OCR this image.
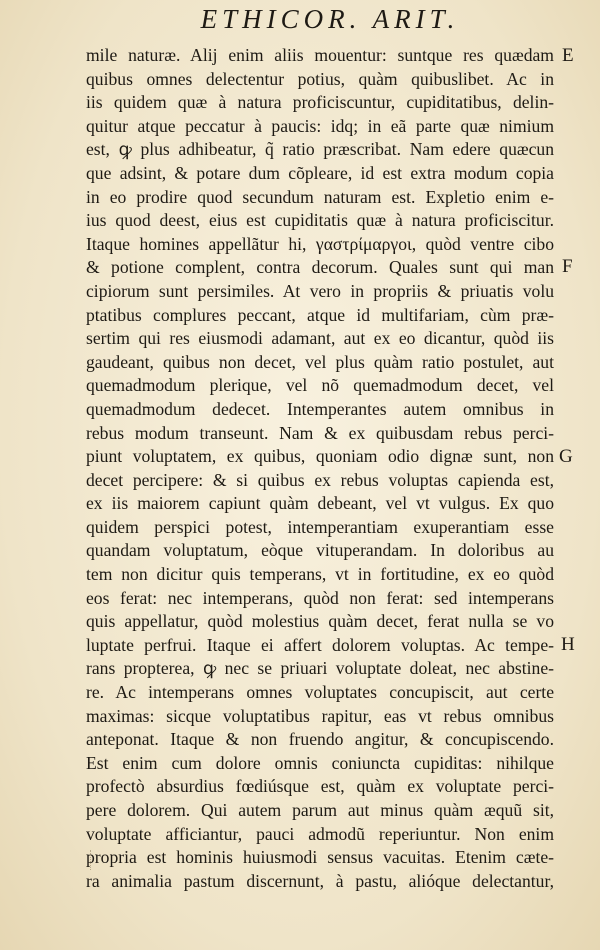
ETHICOR. ARIT.
mile naturæ. Alij enim aliis mouentur: suntque res quædam
quibus omnes delectentur potius, quàm quibuslibet. Ac in
iis quidem quæ à natura proficiscuntur, cupiditatibus, delin-
quitur atque peccatur à paucis: idq; in eã parte quæ nimium
est, ꝙ plus adhibeatur, q̃ ratio præscribat. Nam edere quæcun
que adsint, & potare dum cõpleare, id est extra modum copia
in eo prodire quod secundum naturam est. Expletio enim e-
ius quod deest, eius est cupiditatis quæ à natura proficiscitur.
Itaque homines appellãtur hi, γαστρίμαργοι, quòd ventre cibo
& potione complent, contra decorum. Quales sunt qui man
cipiorum sunt persimiles. At vero in propriis & priuatis volu
ptatibus complures peccant, atque id multifariam, cùm præ-
sertim qui res eiusmodi adamant, aut ex eo dicantur, quòd iis
gaudeant, quibus non decet, vel plus quàm ratio postulet, aut
quemadmodum plerique, vel nõ quemadmodum decet, vel
quemadmodum dedecet. Intemperantes autem omnibus in
rebus modum transeunt. Nam & ex quibusdam rebus perci-
piunt voluptatem, ex quibus, quoniam odio dignæ sunt, non
decet percipere: & si quibus ex rebus voluptas capienda est,
ex iis maiorem capiunt quàm debeant, vel vt vulgus. Ex quo
quidem perspici potest, intemperantiam exuperantiam esse
quandam voluptatum, eòque vituperandam. In doloribus au
tem non dicitur quis temperans, vt in fortitudine, ex eo quòd
eos ferat: nec intemperans, quòd non ferat: sed intemperans
quis appellatur, quòd molestius quàm decet, ferat nulla se vo
luptate perfrui. Itaque ei affert dolorem voluptas. Ac tempe-
rans propterea, ꝙ nec se priuari voluptate doleat, nec abstine-
re. Ac intemperans omnes voluptates concupiscit, aut certe
maximas: sicque voluptatibus rapitur, eas vt rebus omnibus
anteponat. Itaque & non fruendo angitur, & concupiscendo.
Est enim cum dolore omnis coniuncta cupiditas: nihilque
profectò absurdius fœdiúsque est, quàm ex voluptate perci-
pere dolorem. Qui autem parum aut minus quàm æquũ sit,
voluptate afficiantur, pauci admodũ reperiuntur. Non enim
propria est hominis huiusmodi sensus vacuitas. Etenim cæte-
ra animalia pastum discernunt, à pastu, alióque delectantur,
E
F
G
H
